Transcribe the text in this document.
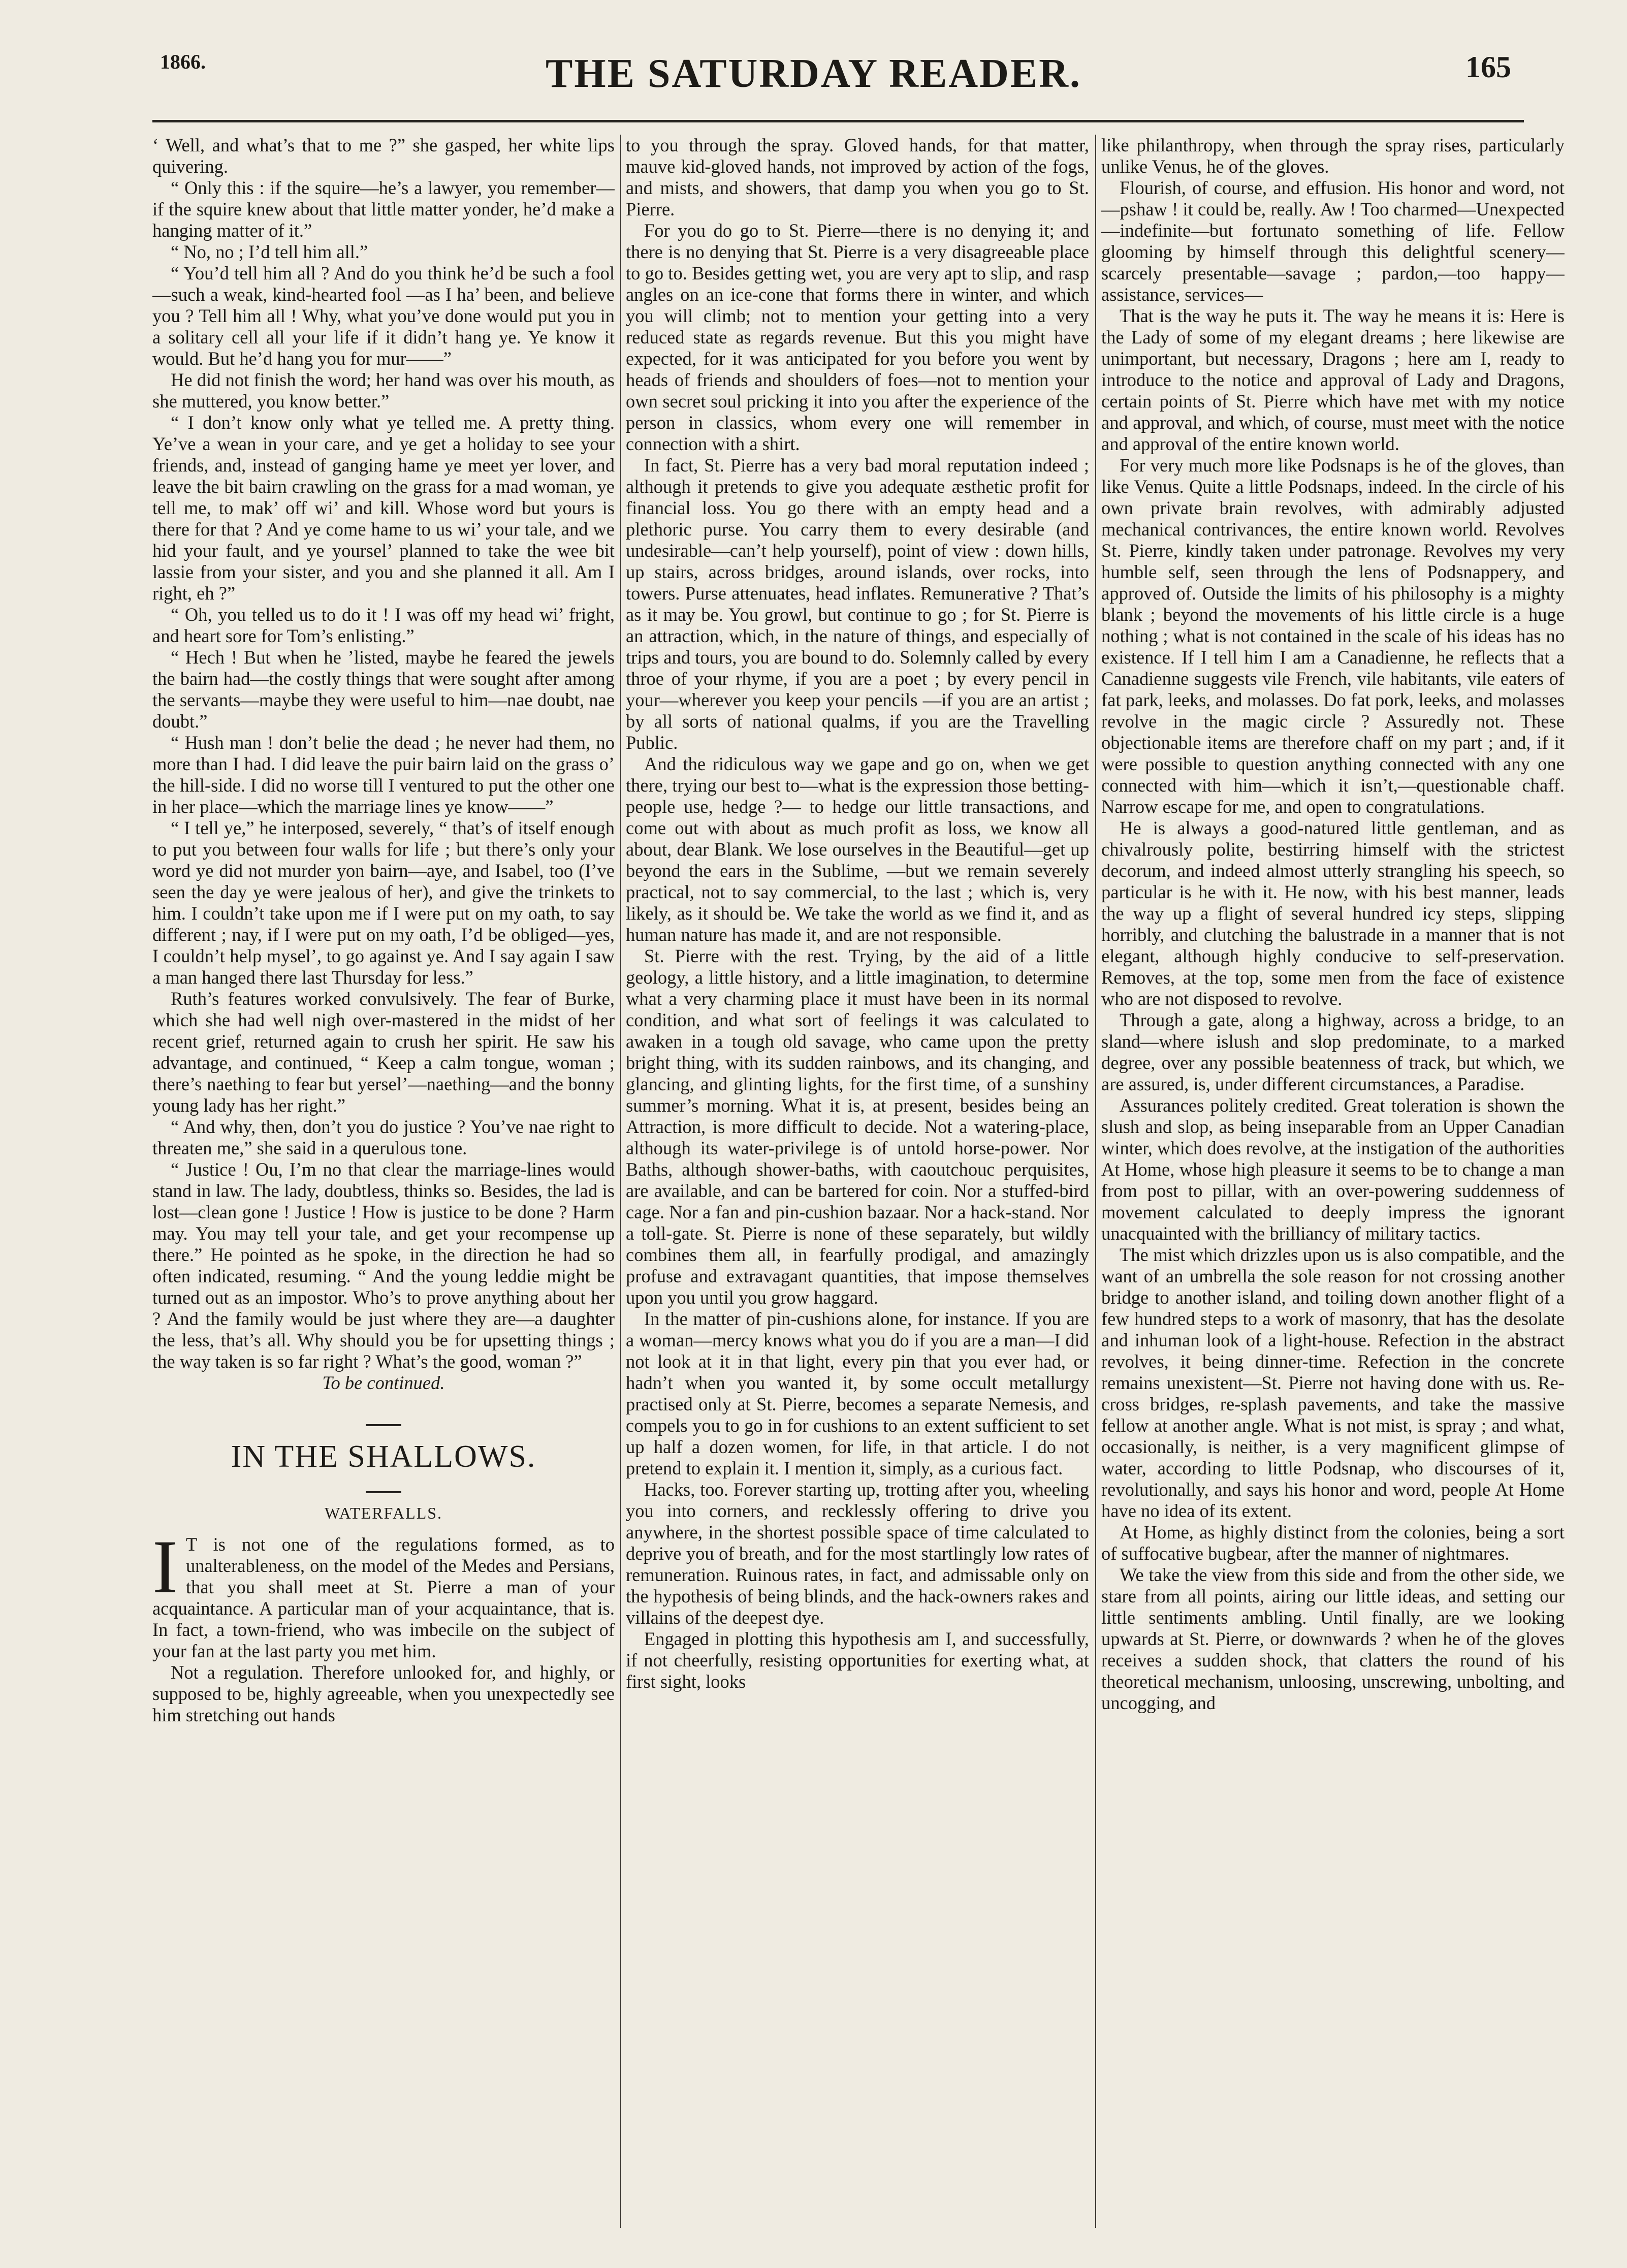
1866.	THE SATURDAY READER.	165

‘ Well, and what’s that to me ?” she gasped, her white lips quivering.

“ Only this : if the squire—he’s a lawyer, you remember—if the squire knew about that little matter yonder, he’d make a hanging matter of it.”

“ No, no ; I’d tell him all.”

“ You’d tell him all ? And do you think he’d be such a fool—such a weak, kind-hearted fool —as I ha’ been, and believe you ? Tell him all ! Why, what you’ve done would put you in a solitary cell all your life if it didn’t hang ye. Ye know it would. But he’d hang you for mur——”

He did not finish the word; her hand was over his mouth, as she muttered, you know better.”

“ I don’t know only what ye telled me. A pretty thing. Ye’ve a wean in your care, and ye get a holiday to see your friends, and, instead of ganging hame ye meet yer lover, and leave the bit bairn crawling on the grass for a mad woman, ye tell me, to mak’ off wi’ and kill. Whose word but yours is there for that ? And ye come hame to us wi’ your tale, and we hid your fault, and ye yoursel’ planned to take the wee bit lassie from your sister, and you and she planned it all. Am I right, eh ?”

“ Oh, you telled us to do it ! I was off my head wi’ fright, and heart sore for Tom’s enlisting.”

“ Hech ! But when he ’listed, maybe he feared the jewels the bairn had—the costly things that were sought after among the servants—maybe they were useful to him—nae doubt, nae doubt.”

“ Hush man ! don’t belie the dead ; he never had them, no more than I had. I did leave the puir bairn laid on the grass o’ the hill-side. I did no worse till I ventured to put the other one in her place—which the marriage lines ye know——”

“ I tell ye,” he interposed, severely, “ that’s of itself enough to put you between four walls for life ; but there’s only your word ye did not murder yon bairn—aye, and Isabel, too (I’ve seen the day ye were jealous of her), and give the trinkets to him. I couldn’t take upon me if I were put on my oath, to say different ; nay, if I were put on my oath, I’d be obliged—yes, I couldn’t help mysel’, to go against ye. And I say again I saw a man hanged there last Thursday for less.”

Ruth’s features worked convulsively. The fear of Burke, which she had well nigh over-mastered in the midst of her recent grief, returned again to crush her spirit. He saw his advantage, and continued, “ Keep a calm tongue, woman ; there’s naething to fear but yersel’—naething—and the bonny young lady has her right.”

“ And why, then, don’t you do justice ? You’ve nae right to threaten me,” she said in a querulous tone.

“ Justice ! Ou, I’m no that clear the marriage-lines would stand in law. The lady, doubtless, thinks so. Besides, the lad is lost—clean gone ! Justice ! How is justice to be done ? Harm may. You may tell your tale, and get your recompense up there.” He pointed as he spoke, in the direction he had so often indicated, resuming. “ And the young leddie might be turned out as an impostor. Who’s to prove anything about her ? And the family would be just where they are—a daughter the less, that’s all. Why should you be for upsetting things ; the way taken is so far right ? What’s the good, woman ?”

To be continued.

IN THE SHALLOWS.

WATERFALLS.

I T is not one of the regulations formed, as to unalterableness, on the model of the Medes and Persians, that you shall meet at St. Pierre a man of your acquaintance. A particular man of your acquaintance, that is. In fact, a town-friend, who was imbecile on the subject of your fan at the last party you met him.

Not a regulation. Therefore unlooked for, and highly, or supposed to be, highly agreeable, when you unexpectedly see him stretching out hands

to you through the spray. Gloved hands, for that matter, mauve kid-gloved hands, not improved by action of the fogs, and mists, and showers, that damp you when you go to St. Pierre.

For you do go to St. Pierre—there is no denying it; and there is no denying that St. Pierre is a very disagreeable place to go to. Besides getting wet, you are very apt to slip, and rasp angles on an ice-cone that forms there in winter, and which you will climb; not to mention your getting into a very reduced state as regards revenue. But this you might have expected, for it was anticipated for you before you went by heads of friends and shoulders of foes—not to mention your own secret soul pricking it into you after the experience of the person in classics, whom every one will remember in connection with a shirt.

In fact, St. Pierre has a very bad moral reputation indeed ; although it pretends to give you adequate æsthetic profit for financial loss. You go there with an empty head and a plethoric purse. You carry them to every desirable (and undesirable—can’t help yourself), point of view : down hills, up stairs, across bridges, around islands, over rocks, into towers. Purse attenuates, head inflates. Remunerative ? That’s as it may be. You growl, but continue to go ; for St. Pierre is an attraction, which, in the nature of things, and especially of trips and tours, you are bound to do. Solemnly called by every throe of your rhyme, if you are a poet ; by every pencil in your—wherever you keep your pencils —if you are an artist ; by all sorts of national qualms, if you are the Travelling Public.

And the ridiculous way we gape and go on, when we get there, trying our best to—what is the expression those betting-people use, hedge ?— to hedge our little transactions, and come out with about as much profit as loss, we know all about, dear Blank. We lose ourselves in the Beautiful—get up beyond the ears in the Sublime, —but we remain severely practical, not to say commercial, to the last ; which is, very likely, as it should be. We take the world as we find it, and as human nature has made it, and are not responsible.

St. Pierre with the rest. Trying, by the aid of a little geology, a little history, and a little imagination, to determine what a very charming place it must have been in its normal condition, and what sort of feelings it was calculated to awaken in a tough old savage, who came upon the pretty bright thing, with its sudden rainbows, and its changing, and glancing, and glinting lights, for the first time, of a sunshiny summer’s morning. What it is, at present, besides being an Attraction, is more difficult to decide. Not a watering-place, although its water-privilege is of untold horse-power. Nor Baths, although shower-baths, with caoutchouc perquisites, are available, and can be bartered for coin. Nor a stuffed-bird cage. Nor a fan and pin-cushion bazaar. Nor a hack-stand. Nor a toll-gate. St. Pierre is none of these separately, but wildly combines them all, in fearfully prodigal, and amazingly profuse and extravagant quantities, that impose themselves upon you until you grow haggard.

In the matter of pin-cushions alone, for instance. If you are a woman—mercy knows what you do if you are a man—I did not look at it in that light, every pin that you ever had, or hadn’t when you wanted it, by some occult metallurgy practised only at St. Pierre, becomes a separate Nemesis, and compels you to go in for cushions to an extent sufficient to set up half a dozen women, for life, in that article. I do not pretend to explain it. I mention it, simply, as a curious fact.

Hacks, too. Forever starting up, trotting after you, wheeling you into corners, and recklessly offering to drive you anywhere, in the shortest possible space of time calculated to deprive you of breath, and for the most startlingly low rates of remuneration. Ruinous rates, in fact, and admissable only on the hypothesis of being blinds, and the hack-owners rakes and villains of the deepest dye.

Engaged in plotting this hypothesis am I, and successfully, if not cheerfully, resisting opportunities for exerting what, at first sight, looks

like philanthropy, when through the spray rises, particularly unlike Venus, he of the gloves.

Flourish, of course, and effusion. His honor and word, not—pshaw ! it could be, really. Aw ! Too charmed—Unexpected—indefinite—but fortunato something of life. Fellow glooming by himself through this delightful scenery—scarcely presentable—savage ; pardon,—too happy—assistance, services—

That is the way he puts it. The way he means it is: Here is the Lady of some of my elegant dreams ; here likewise are unimportant, but necessary, Dragons ; here am I, ready to introduce to the notice and approval of Lady and Dragons, certain points of St. Pierre which have met with my notice and approval, and which, of course, must meet with the notice and approval of the entire known world.

For very much more like Podsnaps is he of the gloves, than like Venus. Quite a little Podsnaps, indeed. In the circle of his own private brain revolves, with admirably adjusted mechanical contrivances, the entire known world. Revolves St. Pierre, kindly taken under patronage. Revolves my very humble self, seen through the lens of Podsnappery, and approved of. Outside the limits of his philosophy is a mighty blank ; beyond the movements of his little circle is a huge nothing ; what is not contained in the scale of his ideas has no existence. If I tell him I am a Canadienne, he reflects that a Canadienne suggests vile French, vile habitants, vile eaters of fat park, leeks, and molasses. Do fat pork, leeks, and molasses revolve in the magic circle ? Assuredly not. These objectionable items are therefore chaff on my part ; and, if it were possible to question anything connected with any one connected with him—which it isn’t,—questionable chaff. Narrow escape for me, and open to congratulations.

He is always a good-natured little gentleman, and as chivalrously polite, bestirring himself with the strictest decorum, and indeed almost utterly strangling his speech, so particular is he with it. He now, with his best manner, leads the way up a flight of several hundred icy steps, slipping horribly, and clutching the balustrade in a manner that is not elegant, although highly conducive to self-preservation. Removes, at the top, some men from the face of existence who are not disposed to revolve.

Through a gate, along a highway, across a bridge, to an sland—where islush and slop predominate, to a marked degree, over any possible beatenness of track, but which, we are assured, is, under different circumstances, a Paradise.

Assurances politely credited. Great toleration is shown the slush and slop, as being inseparable from an Upper Canadian winter, which does revolve, at the instigation of the authorities At Home, whose high pleasure it seems to be to change a man from post to pillar, with an over-powering suddenness of movement calculated to deeply impress the ignorant unacquainted with the brilliancy of military tactics.

The mist which drizzles upon us is also compatible, and the want of an umbrella the sole reason for not crossing another bridge to another island, and toiling down another flight of a few hundred steps to a work of masonry, that has the desolate and inhuman look of a light-house. Refection in the abstract revolves, it being dinner-time. Refection in the concrete remains unexistent—St. Pierre not having done with us. Re-cross bridges, re-splash pavements, and take the massive fellow at another angle. What is not mist, is spray ; and what, occasionally, is neither, is a very magnificent glimpse of water, according to little Podsnap, who discourses of it, revolutionally, and says his honor and word, people At Home have no idea of its extent.

At Home, as highly distinct from the colonies, being a sort of suffocative bugbear, after the manner of nightmares.

We take the view from this side and from the other side, we stare from all points, airing our little ideas, and setting our little sentiments ambling. Until finally, are we looking upwards at St. Pierre, or downwards ? when he of the gloves receives a sudden shock, that clatters the round of his theoretical mechanism, unloosing, unscrewing, unbolting, and uncogging, and
